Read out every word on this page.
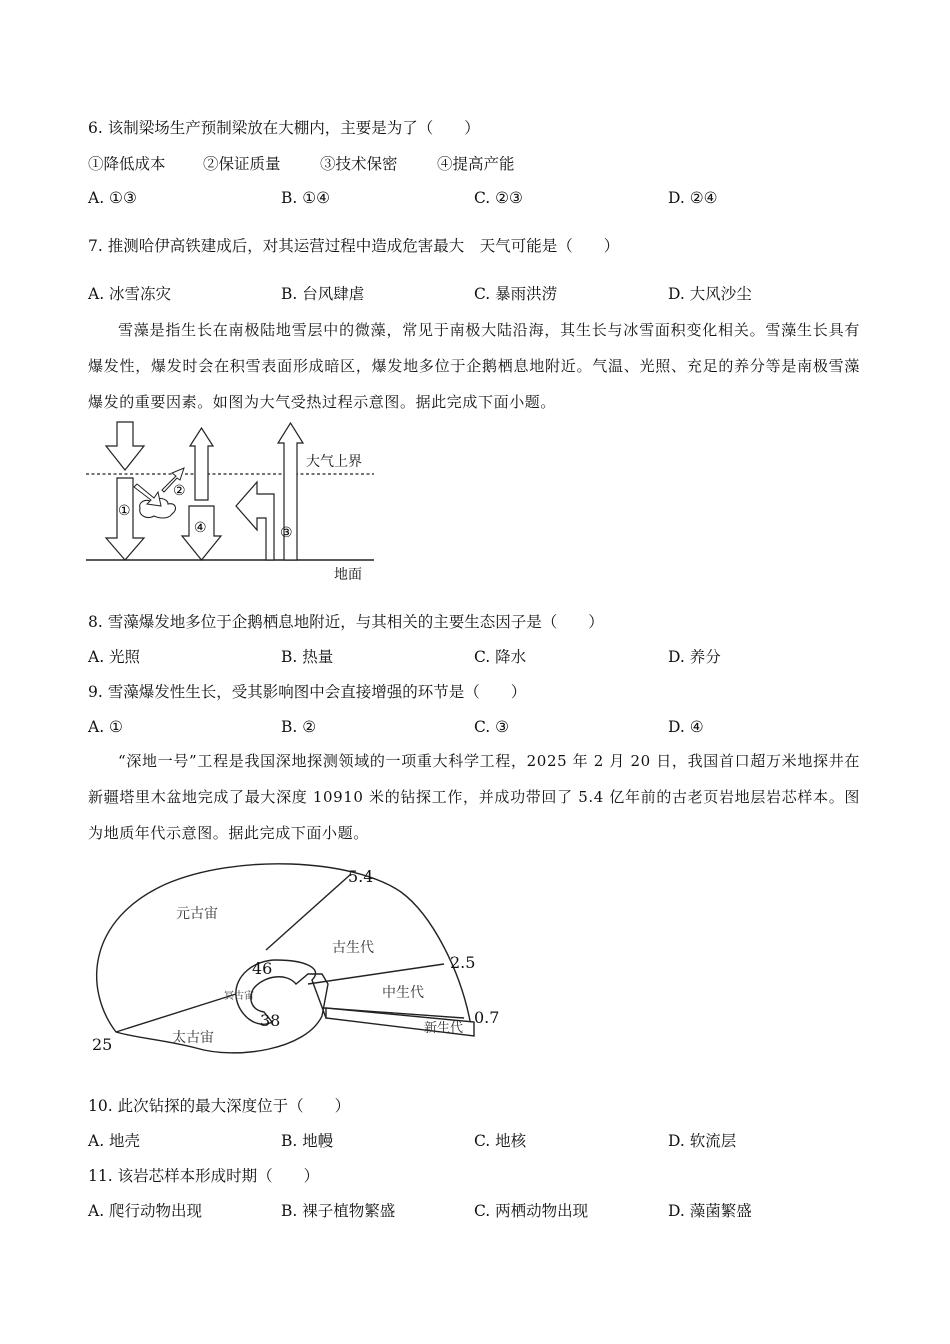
6. 该制梁场生产预制梁放在大棚内，主要是为了（　　）
①降低成本 ②保证质量	③技术保密	④提高产能
A. ①③	B. ①④	C. ②③	D. ②④
7. 推测哈伊高铁建成后，对其运营过程中造成危害最大　天气可能是（　　）
A. 冰雪冻灾	B. 台风肆虐	C. 暴雨洪涝	D. 大风沙尘
雪藻是指生长在南极陆地雪层中的微藻，常见于南极大陆沿海，其生长与冰雪面积变化相关。雪藻生长具有爆发性，爆发时会在积雪表面形成暗区，爆发地多位于企鹅栖息地附近。气温、光照、充足的养分等是南极雪藻爆发的重要因素。如图为大气受热过程示意图。据此完成下面小题。
①
②
④	③
大气上界
地面
8. 雪藻爆发地多位于企鹅栖息地附近，与其相关的主要生态因子是（　　）
A. 光照	B. 热量	C. 降水	D. 养分
9. 雪藻爆发性生长，受其影响图中会直接增强的环节是（　　）
A. ①	B. ②	C. ③	D. ④
“深地一号”工程是我国深地探测领域的一项重大科学工程，2025 年 2 月 20 日，我国首口超万米地探井在新疆塔里木盆地完成了最大深度 10910 米的钻探工作，并成功带回了 5.4 亿年前的古老页岩地层岩芯样本。图为地质年代示意图。据此完成下面小题。
元古宙
古生代
中生代
新生代
冥古宙
太古宙
5.4
2.5
0.7
46
38
25
10. 此次钻探的最大深度位于（　　）
A. 地壳	B. 地幔	C. 地核	D. 软流层
11. 该岩芯样本形成时期（　　）
A. 爬行动物出现	B. 裸子植物繁盛	C. 两栖动物出现	D. 藻菌繁盛
